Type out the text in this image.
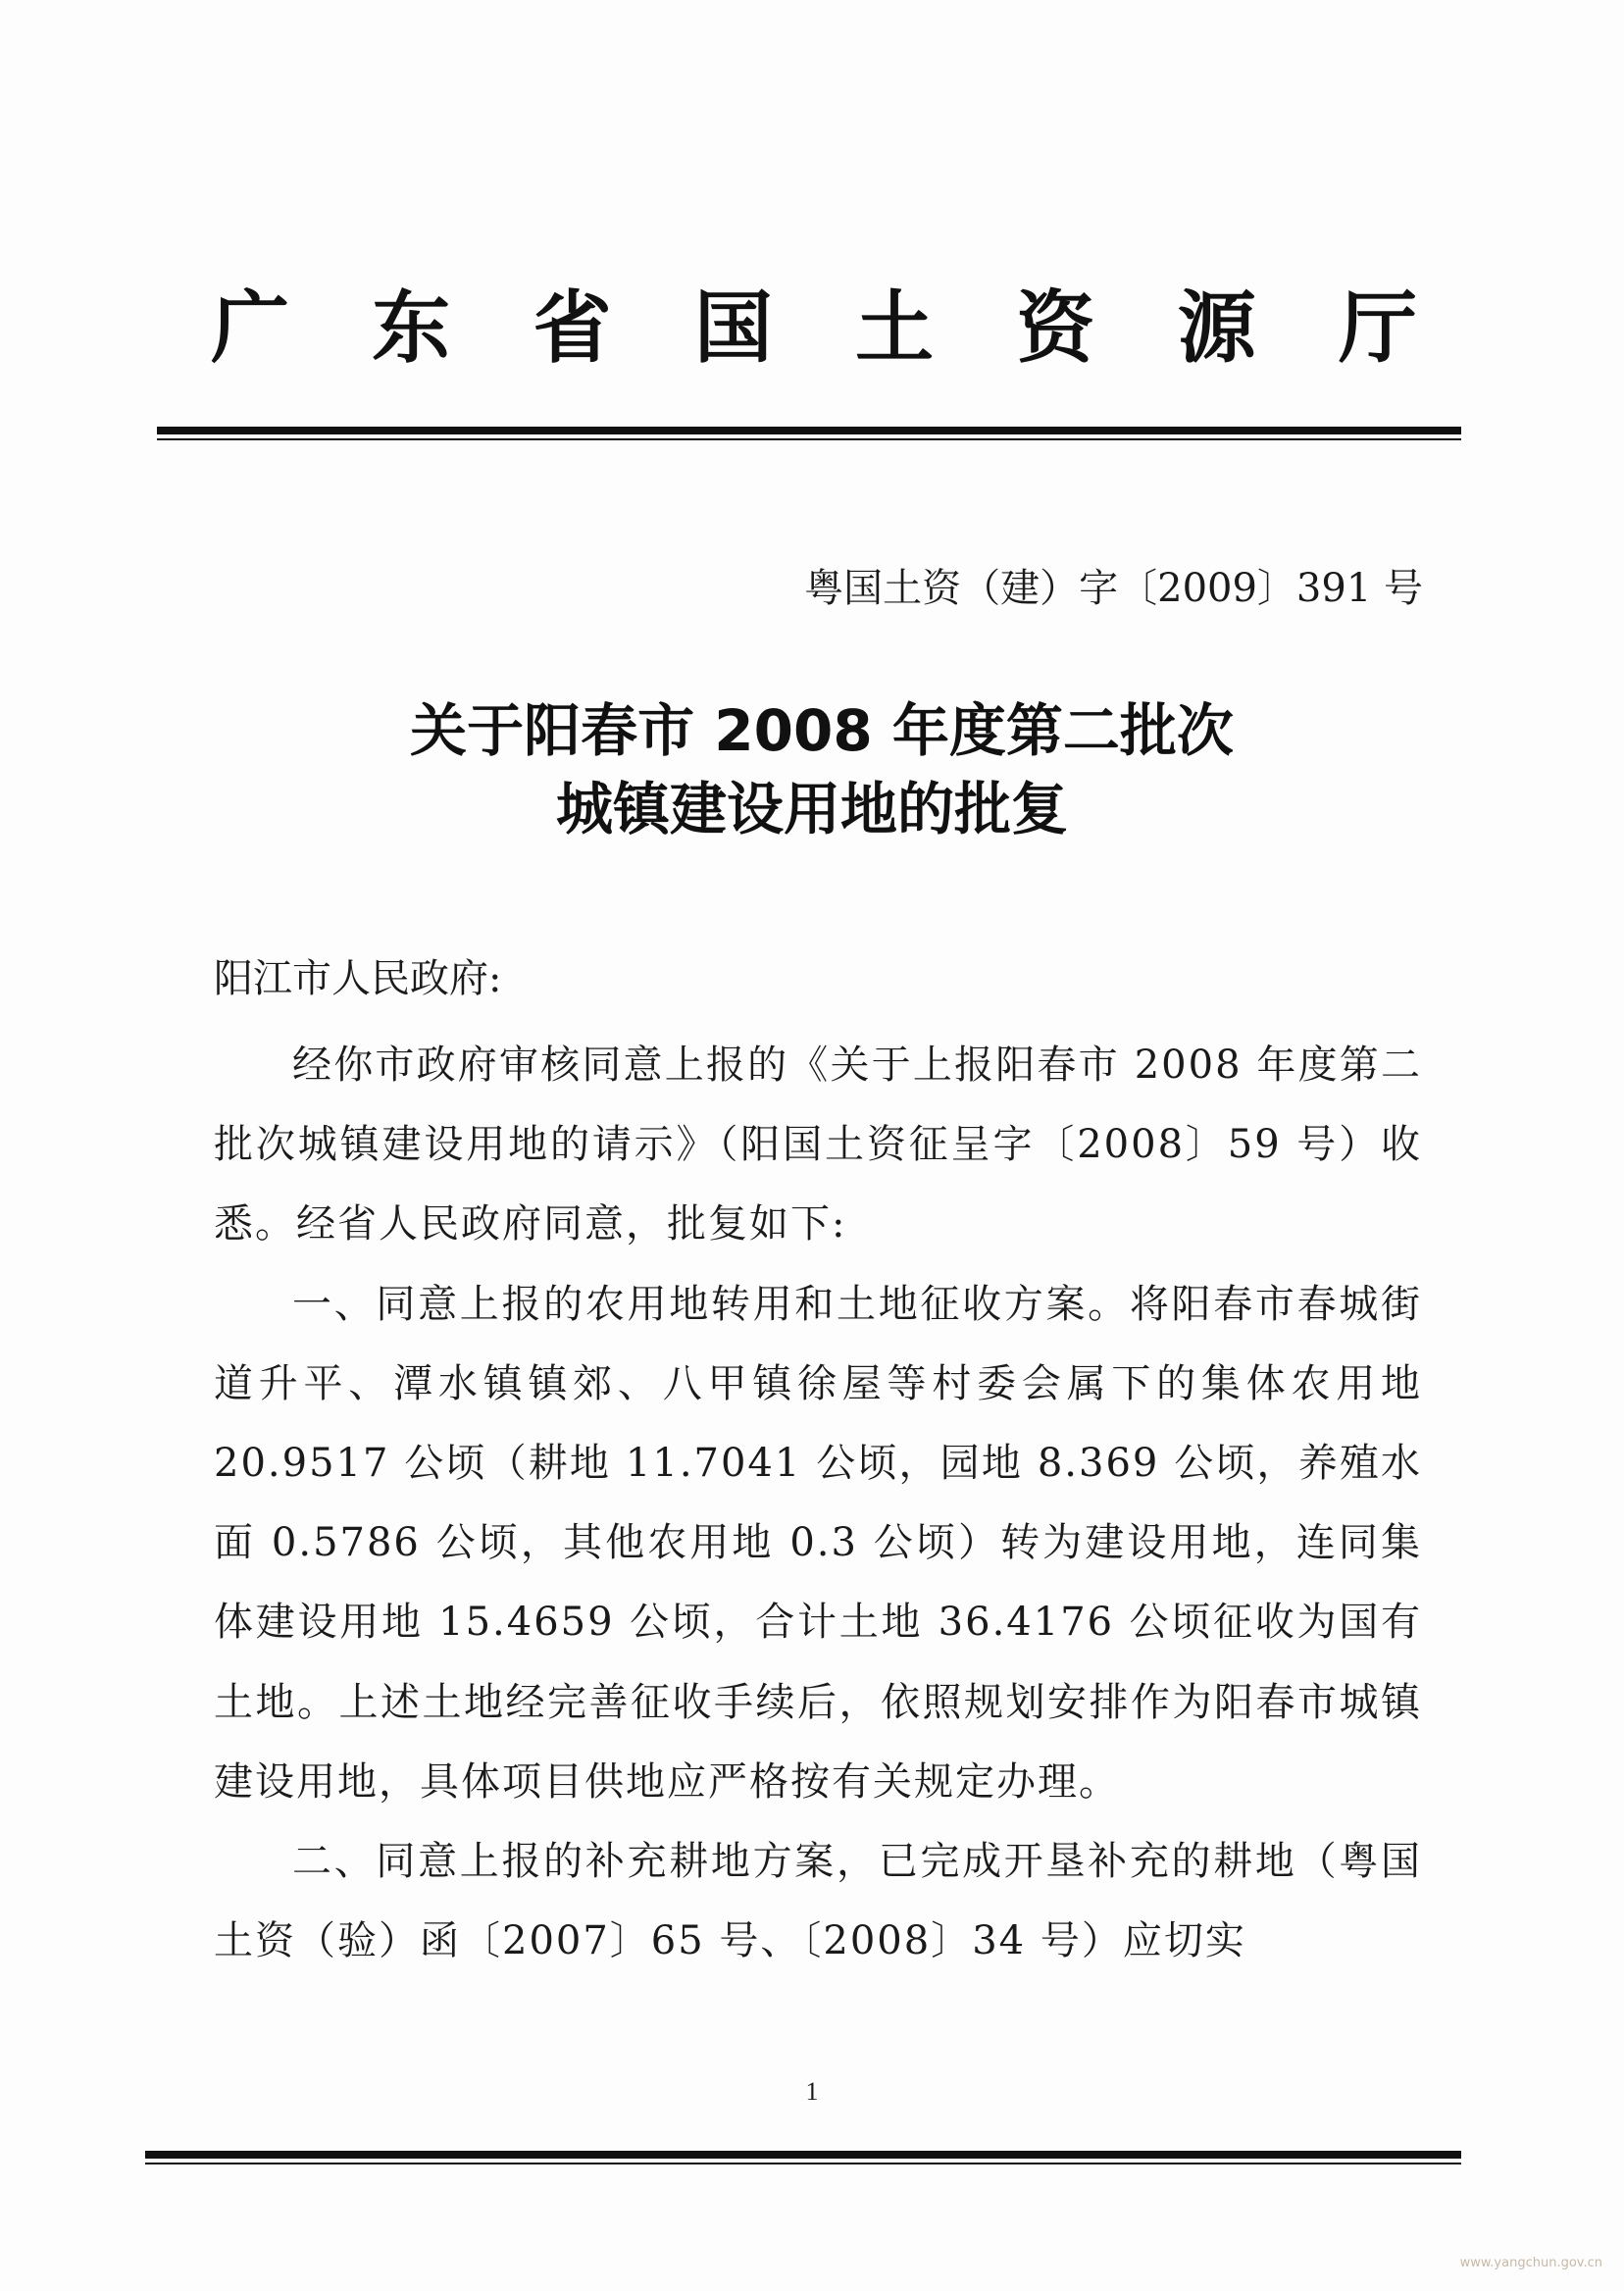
广 东 省 国 土 资 源 厅
粤国土资（建）字〔2009〕391 号
关于阳春市 2008 年度第二批次
城镇建设用地的批复
阳江市人民政府:

经你市政府审核同意上报的《关于上报阳春市 2008 年度第二批次城镇建设用地的请示》（阳国土资征呈字〔2008〕59 号）收悉。经省人民政府同意，批复如下:

一、同意上报的农用地转用和土地征收方案。将阳春市春城街道升平、潭水镇镇郊、八甲镇徐屋等村委会属下的集体农用地 20.9517 公顷（耕地 11.7041 公顷，园地 8.369 公顷，养殖水面 0.5786 公顷，其他农用地 0.3 公顷）转为建设用地，连同集体建设用地 15.4659 公顷，合计土地 36.4176 公顷征收为国有土地。上述土地经完善征收手续后，依照规划安排作为阳春市城镇建设用地，具体项目供地应严格按有关规定办理。

二、同意上报的补充耕地方案，已完成开垦补充的耕地（粤国土资（验）函〔2007〕65 号、〔2008〕34 号）应切实

1
www.yangchun.gov.cn
